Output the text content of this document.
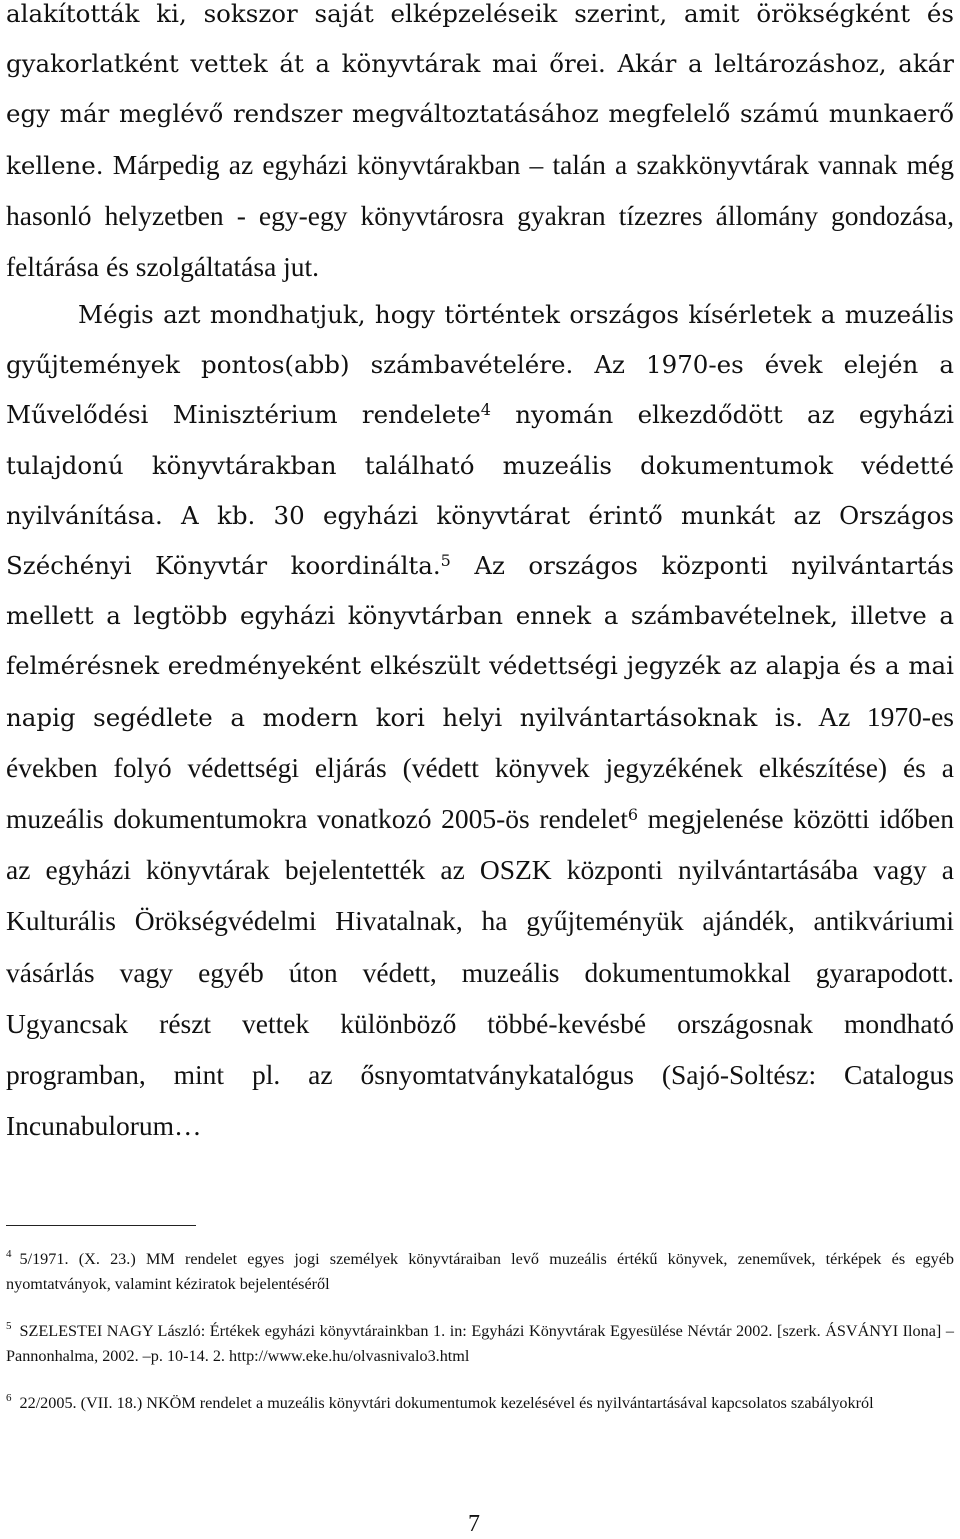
alakították ki, sokszor saját elképzeléseik szerint, amit örökségként és gyakorlatként vettek át a könyvtárak mai őrei. Akár a leltározáshoz, akár egy már meglévő rendszer megváltoztatásához megfelelő számú munkaerő kellene. Márpedig az egyházi könyvtárakban – talán a szakkönyvtárak vannak még hasonló helyzetben - egy-egy könyvtárosra gyakran tízezres állomány gondozása, feltárása és szolgáltatása jut.

Mégis azt mondhatjuk, hogy történtek országos kísérletek a muzeális gyűjtemények pontos(abb) számbavételére. Az 1970-es évek elején a Művelődési Minisztérium rendelete$^4$ nyomán elkezdődött az egyházi tulajdonú könyvtárakban található muzeális dokumentumok védetté nyilvánítása. A kb. 30 egyházi könyvtárat érintő munkát az Országos Széchényi Könyvtár koordinálta.$^5$ Az országos központi nyilvántartás mellett a legtöbb egyházi könyvtárban ennek a számbavételnek, illetve a felmérésnek eredményeként elkészült védettségi jegyzék az alapja és a mai napig segédlete a modern kori helyi nyilvántartásoknak is. Az 1970-es években folyó védettségi eljárás (védett könyvek jegyzékének elkészítése) és a muzeális dokumentumokra vonatkozó 2005-ös rendelet$^6$ megjelenése közötti időben az egyházi könyvtárak bejelentették az OSZK központi nyilvántartásába vagy a Kulturális Örökségvédelmi Hivatalnak, ha gyűjteményük ajándék, antikváriumi vásárlás vagy egyéb úton védett, muzeális dokumentumokkal gyarapodott. Ugyancsak részt vettek különböző többé-kevésbé országosnak mondható programban, mint pl. az ősnyomtatványkatalógus (Sajó-Soltész: Catalogus Incunabulorum…

$^4$ 5/1971. (X. 23.) MM rendelet egyes jogi személyek könyvtáraiban levő muzeális értékű könyvek, zeneművek, térképek és egyéb nyomtatványok, valamint kéziratok bejelentéséről

$^5$ SZELESTEI NAGY László: Értékek egyházi könyvtárainkban 1. in: Egyházi Könyvtárak Egyesülése Névtár 2002. [szerk. ÁSVÁNYI Ilona] – Pannonhalma, 2002. –p. 10-14. 2. http://www.eke.hu/olvasnivalo3.html

$^6$ 22/2005. (VII. 18.) NKÖM rendelet a muzeális könyvtári dokumentumok kezelésével és nyilvántartásával kapcsolatos szabályokról

7
